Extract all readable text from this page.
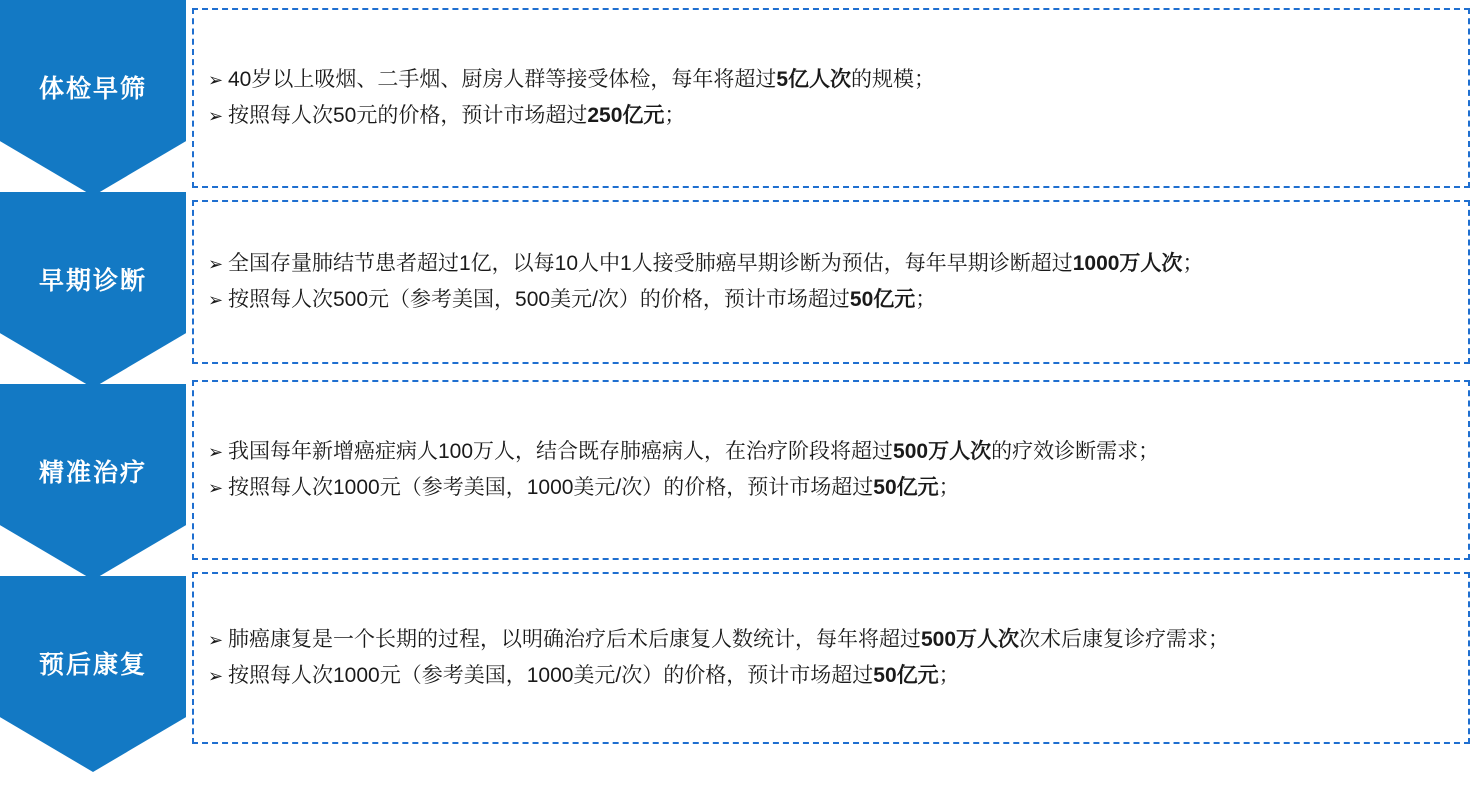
体检早筛
早期诊断
精准治疗
预后康复
➢ 40岁以上吸烟、二手烟、厨房人群等接受体检，每年将超过5亿人次的规模；
➢ 按照每人次50元的价格，预计市场超过250亿元；
➢ 全国存量肺结节患者超过1亿，以每10人中1人接受肺癌早期诊断为预估，每年早期诊断超过1000万人次；
➢ 按照每人次500元（参考美国，500美元/次）的价格，预计市场超过50亿元；
➢ 我国每年新增癌症病人100万人，结合既存肺癌病人，在治疗阶段将超过500万人次的疗效诊断需求；
➢ 按照每人次1000元（参考美国，1000美元/次）的价格，预计市场超过50亿元；
➢ 肺癌康复是一个长期的过程，以明确治疗后术后康复人数统计，每年将超过500万人次次术后康复诊疗需求；
➢ 按照每人次1000元（参考美国，1000美元/次）的价格，预计市场超过50亿元；
